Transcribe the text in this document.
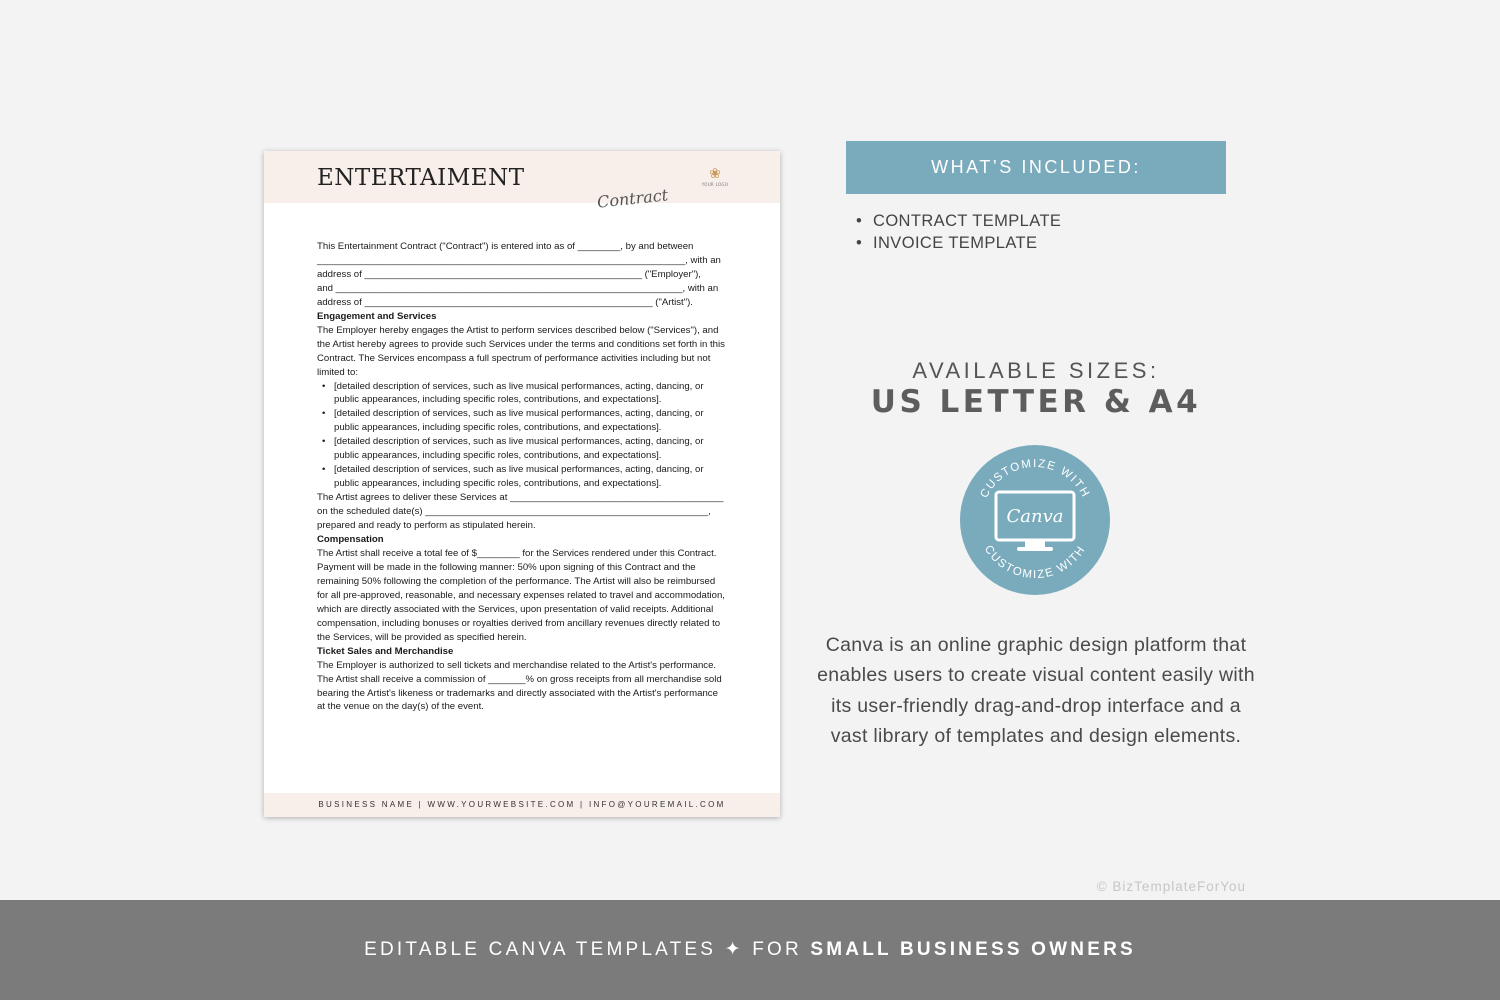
ENTERTAIMENT
Contract
❀
YOUR LOGO

This Entertainment Contract ("Contract") is entered into as of ________, by and between

_____________________________________________________________________, with an

address of ____________________________________________________ ("Employer"),

and _________________________________________________________________, with an

address of ______________________________________________________ ("Artist").

Engagement and Services

The Employer hereby engages the Artist to perform services described below ("Services"), and the Artist hereby agrees to provide such Services under the terms and conditions set forth in this Contract. The Services encompass a full spectrum of performance activities including but not limited to:

• [detailed description of services, such as live musical performances, acting, dancing, or public appearances, including specific roles, contributions, and expectations].
• [detailed description of services, such as live musical performances, acting, dancing, or public appearances, including specific roles, contributions, and expectations].
• [detailed description of services, such as live musical performances, acting, dancing, or public appearances, including specific roles, contributions, and expectations].
• [detailed description of services, such as live musical performances, acting, dancing, or public appearances, including specific roles, contributions, and expectations].

The Artist agrees to deliver these Services at ________________________________________

on the scheduled date(s) _____________________________________________________,

prepared and ready to perform as stipulated herein.

Compensation

The Artist shall receive a total fee of $________ for the Services rendered under this Contract. Payment will be made in the following manner: 50% upon signing of this Contract and the remaining 50% following the completion of the performance. The Artist will also be reimbursed for all pre-approved, reasonable, and necessary expenses related to travel and accommodation, which are directly associated with the Services, upon presentation of valid receipts. Additional compensation, including bonuses or royalties derived from ancillary revenues directly related to the Services, will be provided as specified herein.

Ticket Sales and Merchandise

The Employer is authorized to sell tickets and merchandise related to the Artist's performance. The Artist shall receive a commission of _______% on gross receipts from all merchandise sold bearing the Artist's likeness or trademarks and directly associated with the Artist's performance at the venue on the day(s) of the event.

BUSINESS NAME | WWW.YOURWEBSITE.COM | INFO@YOUREMAIL.COM
WHAT’S INCLUDED:
• CONTRACT TEMPLATE
• INVOICE TEMPLATE
AVAILABLE SIZES:
US LETTER & A4
CUSTOMIZE WITH
CUSTOMIZE WITH
Canva
Canva is an online graphic design platform that enables users to create visual content easily with its user-friendly drag-and-drop interface and a vast library of templates and design elements.
© BizTemplateForYou
EDITABLE CANVA TEMPLATES ✦ FOR SMALL BUSINESS OWNERS
